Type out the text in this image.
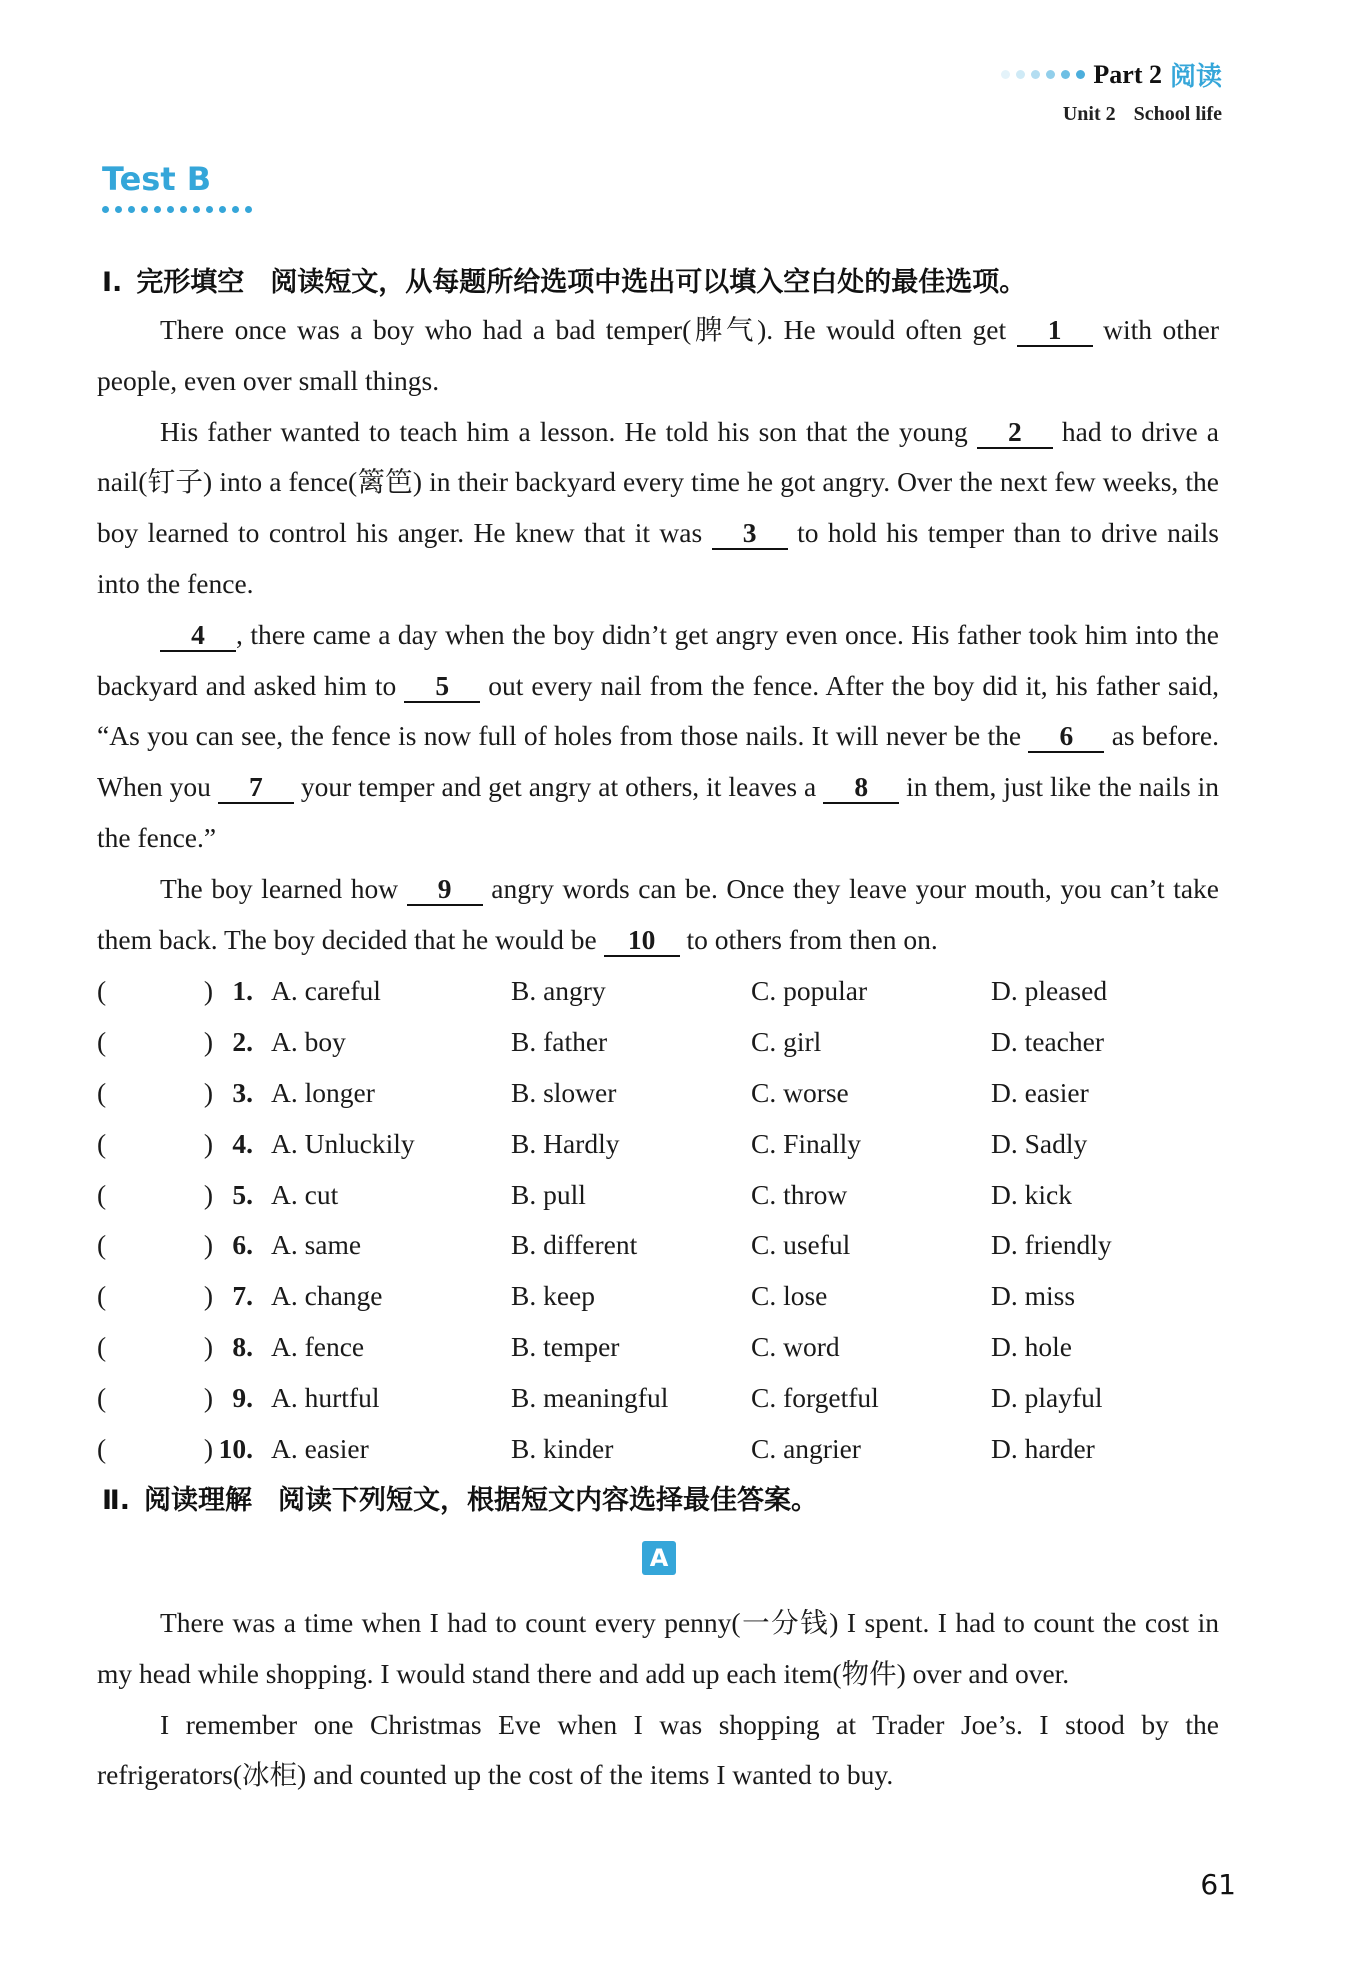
Part 2 阅读
Unit 2 School life
Test B
Ⅰ. 完形填空 阅读短文，从每题所给选项中选出可以填入空白处的最佳选项。

There once was a boy who had a bad temper(脾气). He would often get 1 with other people, even over small things.

His father wanted to teach him a lesson. He told his son that the young 2 had to drive a nail(钉子) into a fence(篱笆) in their backyard every time he got angry. Over the next few weeks, the boy learned to control his anger. He knew that it was 3 to hold his temper than to drive nails into the fence.

4 , there came a day when the boy didn’t get angry even once. His father took him into the backyard and asked him to 5 out every nail from the fence. After the boy did it, his father said, “As you can see, the fence is now full of holes from those nails. It will never be the 6 as before. When you 7 your temper and get angry at others, it leaves a 8 in them, just like the nails in the fence.”

The boy learned how 9 angry words can be. Once they leave your mouth, you can’t take them back. The boy decided that he would be 10 to others from then on.

(	) 1. A. careful	B. angry	C. popular	D. pleased
(	) 2. A. boy	B. father	C. girl	D. teacher
(	) 3. A. longer	B. slower	C. worse	D. easier
(	) 4. A. Unluckily	B. Hardly	C. Finally	D. Sadly
(	) 5. A. cut	B. pull	C. throw	D. kick
(	) 6. A. same	B. different	C. useful	D. friendly
(	) 7. A. change	B. keep	C. lose	D. miss
(	) 8. A. fence	B. temper	C. word	D. hole
(	) 9. A. hurtful	B. meaningful	C. forgetful	D. playful
(	) 10. A. easier	B. kinder	C. angrier	D. harder
Ⅱ. 阅读理解 阅读下列短文，根据短文内容选择最佳答案。
A

There was a time when I had to count every penny(一分钱) I spent. I had to count the cost in my head while shopping. I would stand there and add up each item(物件) over and over.

I remember one Christmas Eve when I was shopping at Trader Joe’s. I stood by the refrigerators(冰柜) and counted up the cost of the items I wanted to buy.

61
